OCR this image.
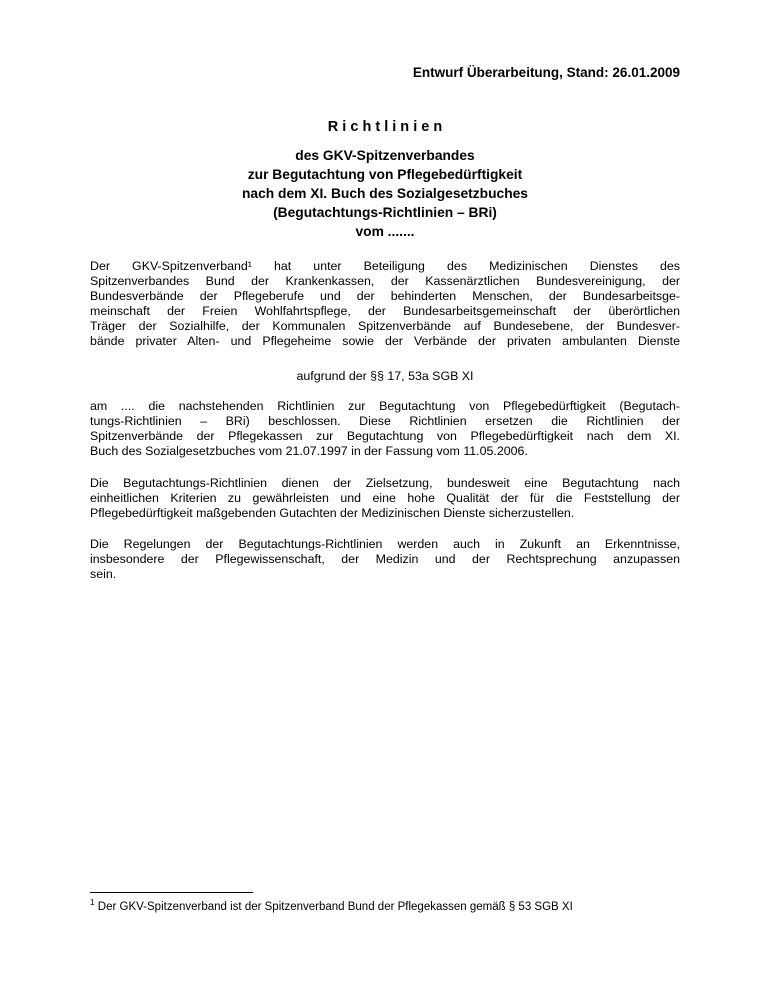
Entwurf Überarbeitung, Stand: 26.01.2009
R i c h t l i n i e n
des GKV-Spitzenverbandes
zur Begutachtung von Pflegebedürftigkeit
nach dem XI. Buch des Sozialgesetzbuches
(Begutachtungs-Richtlinien – BRi)
vom .......
Der GKV-Spitzenverband¹ hat unter Beteiligung des Medizinischen Dienstes des
Spitzenverbandes Bund der Krankenkassen, der Kassenärztlichen Bundesvereinigung, der
Bundesverbände der Pflegeberufe und der behinderten Menschen, der Bundesarbeitsge-
meinschaft der Freien Wohlfahrtspflege, der Bundesarbeitsgemeinschaft der überörtlichen
Träger der Sozialhilfe, der Kommunalen Spitzenverbände auf Bundesebene, der Bundesver-
bände privater Alten- und Pflegeheime sowie der Verbände der privaten ambulanten Dienste
aufgrund der §§ 17, 53a SGB XI
am .... die nachstehenden Richtlinien zur Begutachtung von Pflegebedürftigkeit (Begutach-
tungs-Richtlinien – BRi) beschlossen. Diese Richtlinien ersetzen die Richtlinien der
Spitzenverbände der Pflegekassen zur Begutachtung von Pflegebedürftigkeit nach dem XI.
Buch des Sozialgesetzbuches vom 21.07.1997 in der Fassung vom 11.05.2006.
Die Begutachtungs-Richtlinien dienen der Zielsetzung, bundesweit eine Begutachtung nach
einheitlichen Kriterien zu gewährleisten und eine hohe Qualität der für die Feststellung der
Pflegebedürftigkeit maßgebenden Gutachten der Medizinischen Dienste sicherzustellen.
Die Regelungen der Begutachtungs-Richtlinien werden auch in Zukunft an Erkenntnisse,
insbesondere der Pflegewissenschaft, der Medizin und der Rechtsprechung anzupassen
sein.
$^1$ Der GKV-Spitzenverband ist der Spitzenverband Bund der Pflegekassen gemäß § 53 SGB XI
